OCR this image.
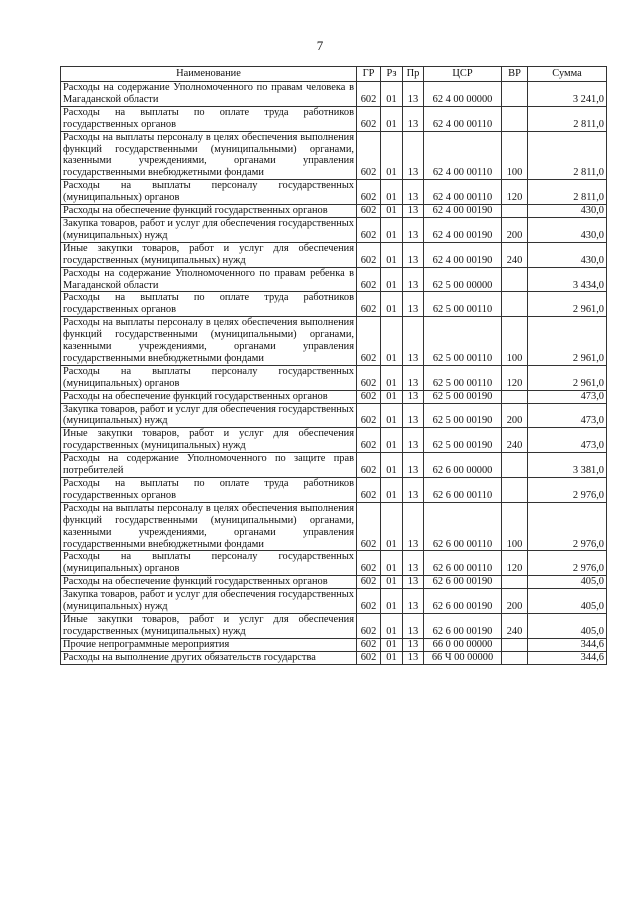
7
Наименование	ГР	Рз	Пр	ЦСР	ВР	Сумма
Расходы на содержание Уполномоченного по правам человека в Магаданской области	602	01	13	62 4 00 00000		3 241,0
Расходы на выплаты по оплате труда работников государственных органов	602	01	13	62 4 00 00110		2 811,0
Расходы на выплаты персоналу в целях обеспечения выполнения функций государственными (муниципальными) органами, казенными учреждениями, органами управления государственными внебюджетными фондами	602	01	13	62 4 00 00110	100	2 811,0
Расходы на выплаты персоналу государственных (муниципальных) органов	602	01	13	62 4 00 00110	120	2 811,0
Расходы на обеспечение функций государственных органов	602	01	13	62 4 00 00190		430,0
Закупка товаров, работ и услуг для обеспечения государственных (муниципальных) нужд	602	01	13	62 4 00 00190	200	430,0
Иные закупки товаров, работ и услуг для обеспечения государственных (муниципальных) нужд	602	01	13	62 4 00 00190	240	430,0
Расходы на содержание Уполномоченного по правам ребенка в Магаданской области	602	01	13	62 5 00 00000		3 434,0
Расходы на выплаты по оплате труда работников государственных органов	602	01	13	62 5 00 00110		2 961,0
Расходы на выплаты персоналу в целях обеспечения выполнения функций государственными (муниципальными) органами, казенными учреждениями, органами управления государственными внебюджетными фондами	602	01	13	62 5 00 00110	100	2 961,0
Расходы на выплаты персоналу государственных (муниципальных) органов	602	01	13	62 5 00 00110	120	2 961,0
Расходы на обеспечение функций государственных органов	602	01	13	62 5 00 00190		473,0
Закупка товаров, работ и услуг для обеспечения государственных (муниципальных) нужд	602	01	13	62 5 00 00190	200	473,0
Иные закупки товаров, работ и услуг для обеспечения государственных (муниципальных) нужд	602	01	13	62 5 00 00190	240	473,0
Расходы на содержание Уполномоченного по защите прав потребителей	602	01	13	62 6 00 00000		3 381,0
Расходы на выплаты по оплате труда работников государственных органов	602	01	13	62 6 00 00110		2 976,0
Расходы на выплаты персоналу в целях обеспечения выполнения функций государственными (муниципальными) органами, казенными учреждениями, органами управления государственными внебюджетными фондами	602	01	13	62 6 00 00110	100	2 976,0
Расходы на выплаты персоналу государственных (муниципальных) органов	602	01	13	62 6 00 00110	120	2 976,0
Расходы на обеспечение функций государственных органов	602	01	13	62 6 00 00190		405,0
Закупка товаров, работ и услуг для обеспечения государственных (муниципальных) нужд	602	01	13	62 6 00 00190	200	405,0
Иные закупки товаров, работ и услуг для обеспечения государственных (муниципальных) нужд	602	01	13	62 6 00 00190	240	405,0
Прочие непрограммные мероприятия	602	01	13	66 0 00 00000		344,6
Расходы на выполнение других обязательств государства	602	01	13	66 Ч 00 00000		344,6
